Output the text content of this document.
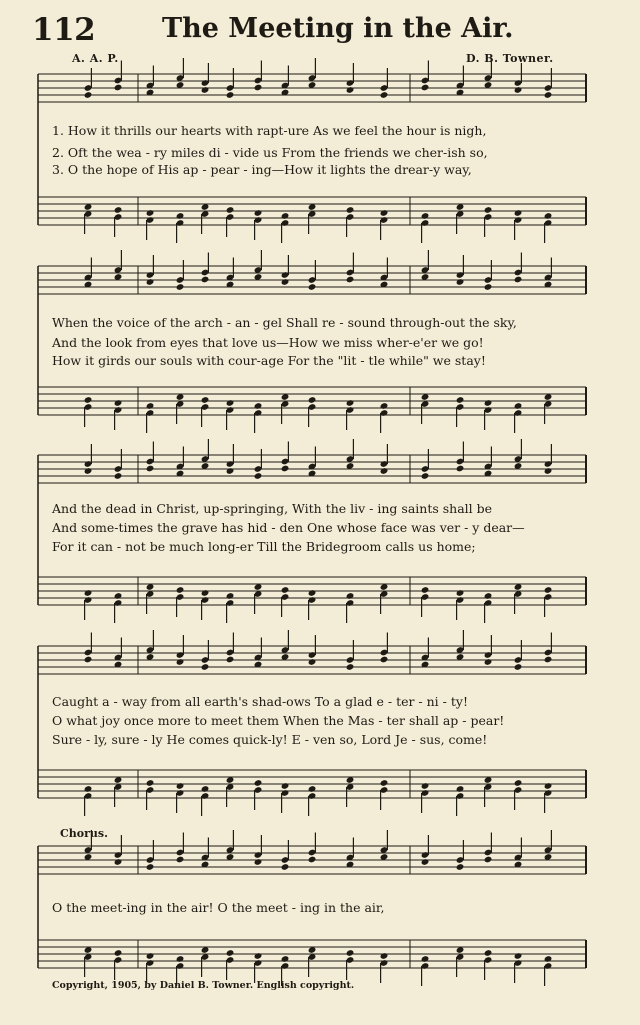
112 The Meeting in the Air.
A. A. P.	D. B. Towner.
1. How it thrills our hearts with rapt-ure As we feel the hour is nigh,
2. Oft the wea - ry miles di - vide us From the friends we cher-ish so,
3. O the hope of His ap - pear - ing—How it lights the drear-y way,
When the voice of the arch - an - gel Shall re - sound through-out the sky,
And the look from eyes that love us—How we miss wher-e'er we go!
How it girds our souls with cour-age For the "lit - tle while" we stay!
And the dead in Christ, up-springing, With the liv - ing saints shall be
And some-times the grave has hid - den One whose face was ver - y dear—
For it can - not be much long-er Till the Bridegroom calls us home;
Caught a - way from all earth's shad-ows To a glad e - ter - ni - ty!
O what joy once more to meet them When the Mas - ter shall ap - pear!
Sure - ly, sure - ly He comes quick-ly! E - ven so, Lord Je - sus, come!
Chorus.
O the meet-ing in the air! O the meet - ing in the air,
Copyright, 1905, by Daniel B. Towner. English copyright.
